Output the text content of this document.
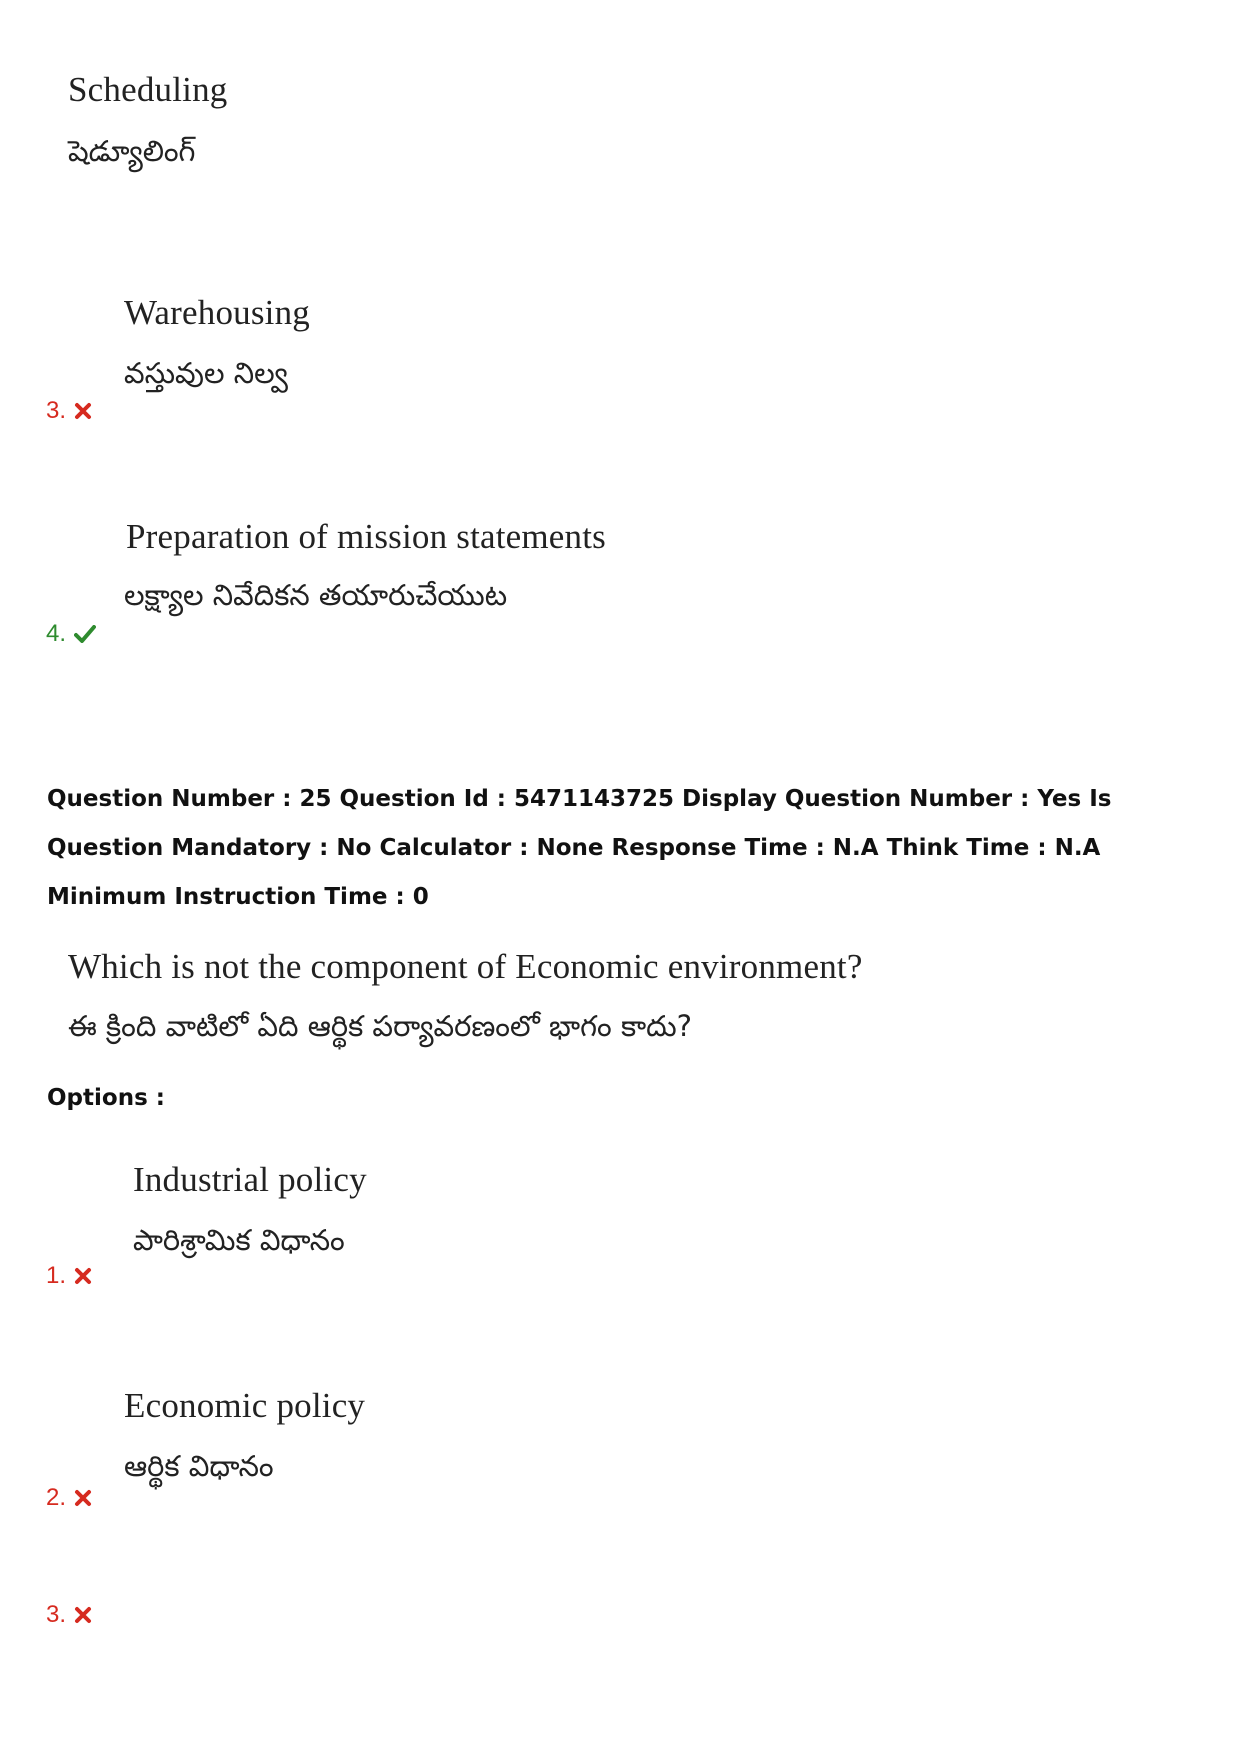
Scheduling
షెడ్యూలింగ్
Warehousing
వస్తువుల నిల్వ
3.
Preparation of mission statements
లక్ష్యాల నివేదికన తయారుచేయుట
4.
Question Number : 25 Question Id : 5471143725 Display Question Number : Yes Is Question Mandatory : No Calculator : None Response Time : N.A Think Time : N.A Minimum Instruction Time : 0
Which is not the component of Economic environment?
ఈ క్రింది వాటిలో ఏది ఆర్థిక పర్యావరణంలో భాగం కాదు?
Options :
Industrial policy
పారిశ్రామిక విధానం
1.
Economic policy
ఆర్థిక విధానం
2.
3.
